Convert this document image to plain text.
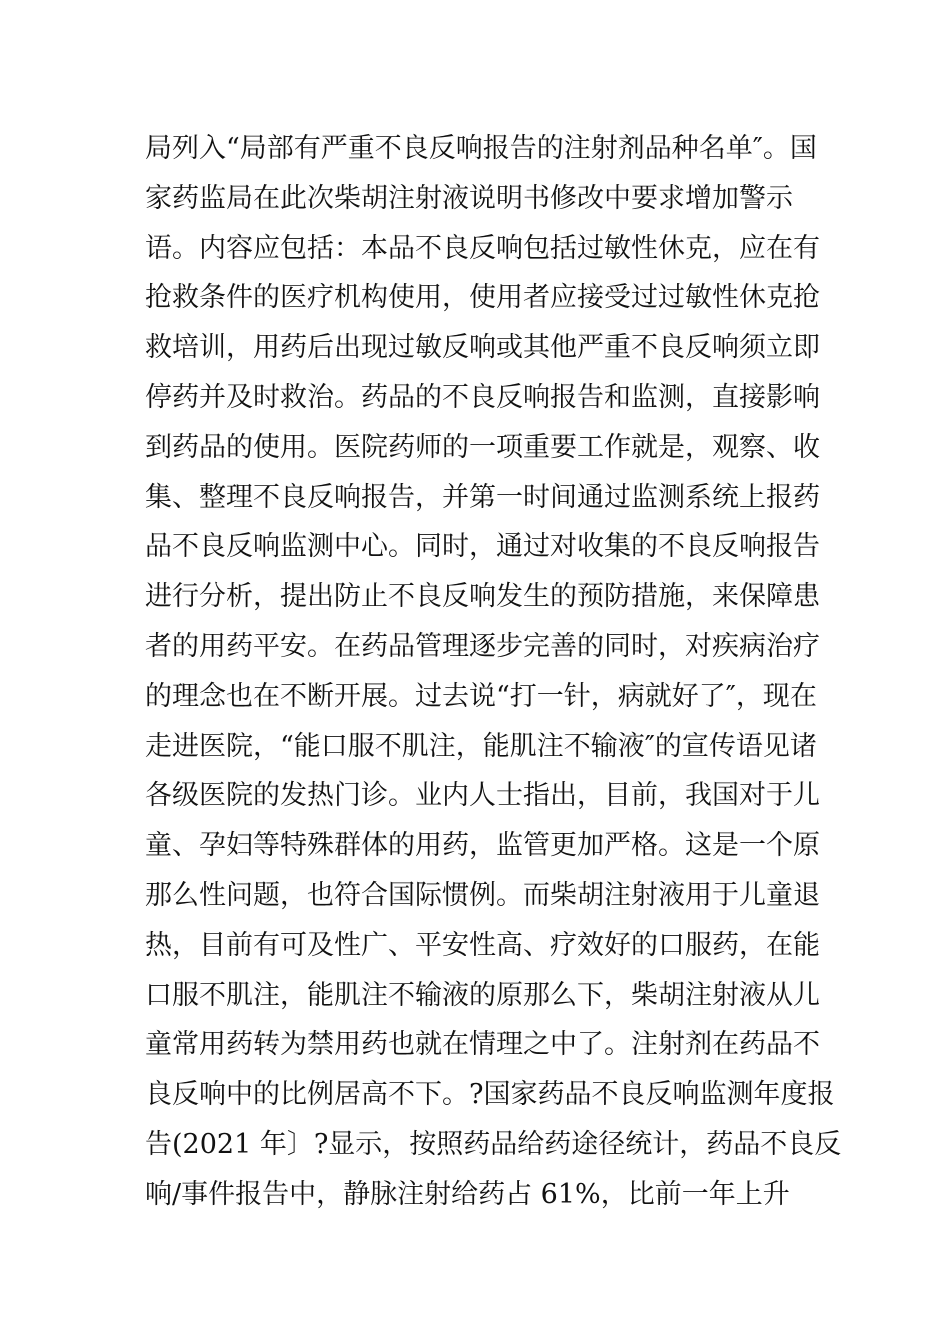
局列入“局部有严重不良反响报告的注射剂品种名单″。国
家药监局在此次柴胡注射液说明书修改中要求增加警示
语。内容应包括：本品不良反响包括过敏性休克，应在有
抢救条件的医疗机构使用，使用者应接受过过敏性休克抢
救培训，用药后出现过敏反响或其他严重不良反响须立即
停药并及时救治。药品的不良反响报告和监测，直接影响
到药品的使用。医院药师的一项重要工作就是，观察、收
集、整理不良反响报告，并第一时间通过监测系统上报药
品不良反响监测中心。同时，通过对收集的不良反响报告
进行分析，提出防止不良反响发生的预防措施，来保障患
者的用药平安。在药品管理逐步完善的同时，对疾病治疗
的理念也在不断开展。过去说“打一针，病就好了″，现在
走进医院，“能口服不肌注，能肌注不输液″的宣传语见诸
各级医院的发热门诊。业内人士指出，目前，我国对于儿
童、孕妇等特殊群体的用药，监管更加严格。这是一个原
那么性问题，也符合国际惯例。而柴胡注射液用于儿童退
热，目前有可及性广、平安性高、疗效好的口服药，在能
口服不肌注，能肌注不输液的原那么下，柴胡注射液从儿
童常用药转为禁用药也就在情理之中了。注射剂在药品不
良反响中的比例居高不下。?国家药品不良反响监测年度报
告(2021 年〕?显示，按照药品给药途径统计，药品不良反
响/事件报告中，静脉注射给药占 61%，比前一年上升
